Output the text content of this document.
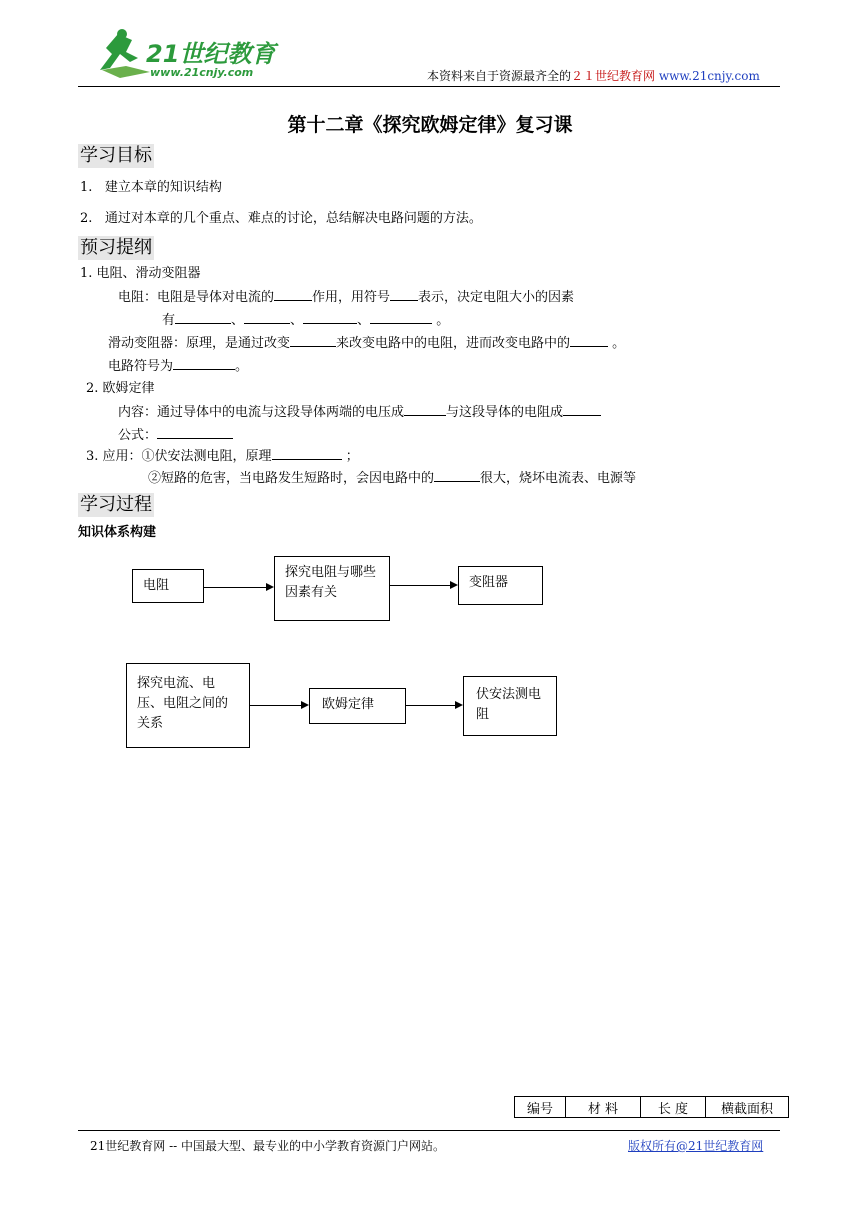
21世纪教育
www.21cnjy.com	本资料来自于资源最齐全的２１世纪教育网 www.21cnjy.com
第十二章《探究欧姆定律》复习课
学习目标
1. 建立本章的知识结构
2. 通过对本章的几个重点、难点的讨论，总结解决电路问题的方法。
预习提纲
1. 电阻、滑动变阻器
电阻：电阻是导体对电流的	作用，用符号 表示，决定电阻大小的因素
有	、	、	、	。
滑动变阻器：原理，是通过改变	来改变电路中的电阻，进而改变电路中的	。
电路符号为	。
2. 欧姆定律
内容：通过导体中的电流与这段导体两端的电压成	与这段导体的电阻成
公式：
3. 应用：①伏安法测电阻，原理	；
②短路的危害，当电路发生短路时，会因电路中的	很大，烧坏电流表、电源等
学习过程
知识体系构建
电阻
探究电阻与哪些因素有关
变阻器
探究电流、电压、电阻之间的关系
欧姆定律
伏安法测电阻
编号	材 料	长 度	横截面积
21世纪教育网 -- 中国最大型、最专业的中小学教育资源门户网站。	版权所有@21世纪教育网
